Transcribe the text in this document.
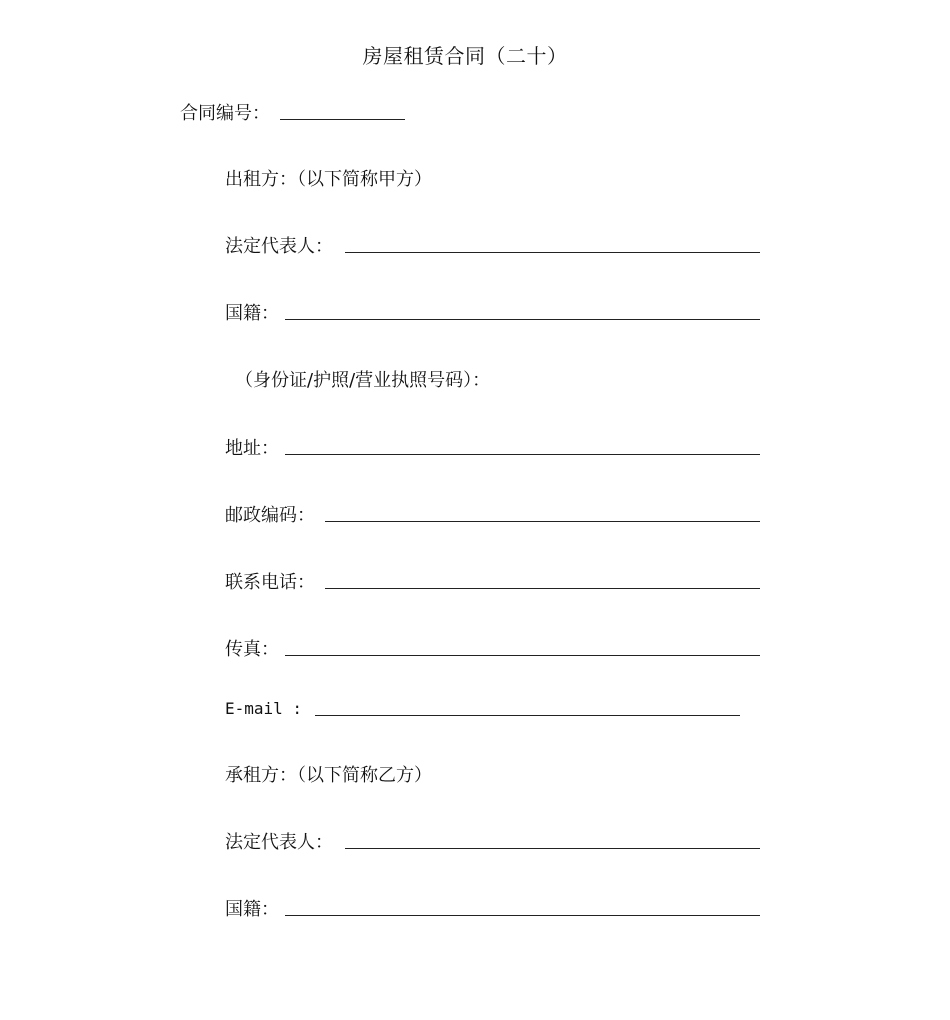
房屋租赁合同（二十）
合同编号：
出租方：（以下简称甲方）
法定代表人：
国籍：
（身份证/护照/营业执照号码）：
地址：
邮政编码：
联系电话：
传真：
E-mail :
承租方：（以下简称乙方）
法定代表人：
国籍：
